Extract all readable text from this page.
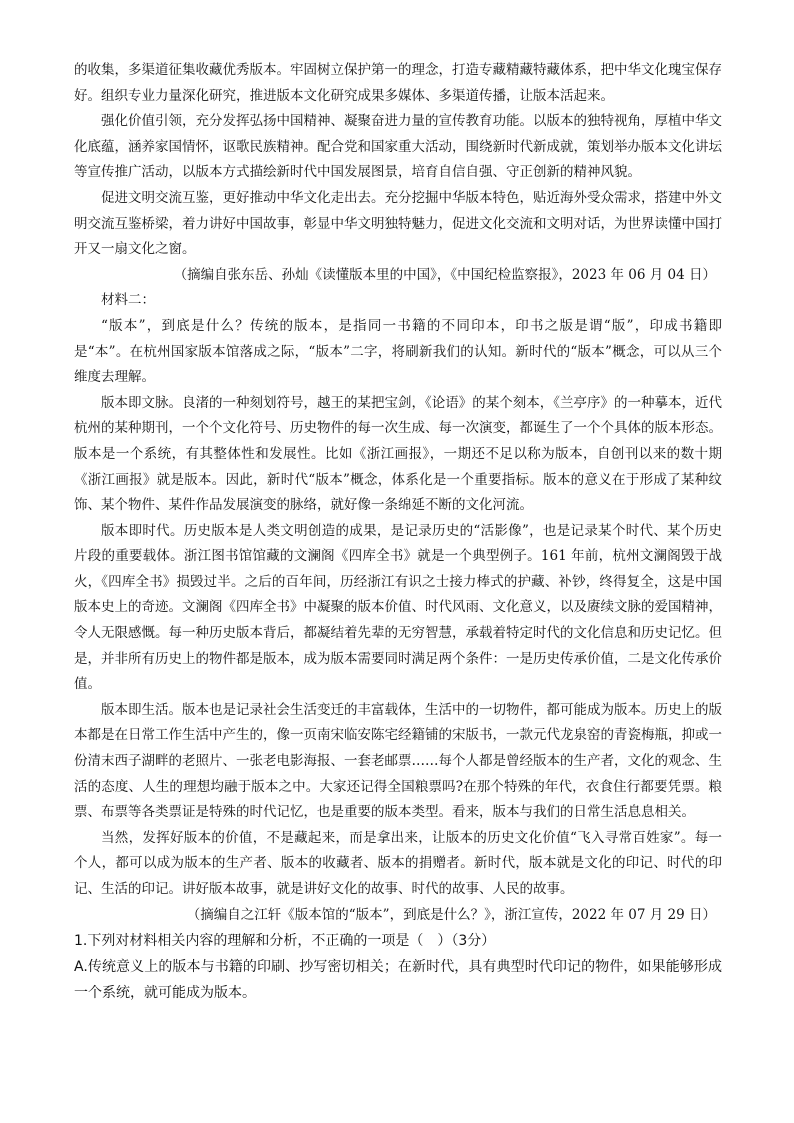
的收集，多渠道征集收藏优秀版本。牢固树立保护第一的理念，打造专藏精藏特藏体系，把中华文化瑰宝保存好。组织专业力量深化研究，推进版本文化研究成果多媒体、多渠道传播，让版本活起来。

强化价值引领，充分发挥弘扬中国精神、凝聚奋进力量的宣传教育功能。以版本的独特视角，厚植中华文化底蕴，涵养家国情怀，讴歌民族精神。配合党和国家重大活动，围绕新时代新成就，策划举办版本文化讲坛等宣传推广活动，以版本方式描绘新时代中国发展图景，培育自信自强、守正创新的精神风貌。

促进文明交流互鉴，更好推动中华文化走出去。充分挖掘中华版本特色，贴近海外受众需求，搭建中外文明交流互鉴桥梁，着力讲好中国故事，彰显中华文明独特魅力，促进文化交流和文明对话，为世界读懂中国打开又一扇文化之窗。

（摘编自张东岳、孙灿《读懂版本里的中国》，《中国纪检监察报》，2023 年 06 月 04 日）

材料二：

“版本”，到底是什么？传统的版本，是指同一书籍的不同印本，印书之版是谓“版”，印成书籍即是“本”。在杭州国家版本馆落成之际，“版本”二字，将刷新我们的认知。新时代的“版本”概念，可以从三个维度去理解。

版本即文脉。良渚的一种刻划符号，越王的某把宝剑，《论语》的某个刻本，《兰亭序》的一种摹本，近代杭州的某种期刊，一个个文化符号、历史物件的每一次生成、每一次演变，都诞生了一个个具体的版本形态。版本是一个系统，有其整体性和发展性。比如《浙江画报》，一期还不足以称为版本，自创刊以来的数十期《浙江画报》就是版本。因此，新时代“版本”概念，体系化是一个重要指标。版本的意义在于形成了某种纹饰、某个物件、某件作品发展演变的脉络，就好像一条绵延不断的文化河流。

版本即时代。历史版本是人类文明创造的成果，是记录历史的“活影像”，也是记录某个时代、某个历史片段的重要载体。浙江图书馆馆藏的文澜阁《四库全书》就是一个典型例子。161 年前，杭州文澜阁毁于战火，《四库全书》损毁过半。之后的百年间，历经浙江有识之士接力棒式的护藏、补钞，终得复全，这是中国版本史上的奇迹。文澜阁《四库全书》中凝聚的版本价值、时代风雨、文化意义，以及赓续文脉的爱国精神，令人无限感慨。每一种历史版本背后，都凝结着先辈的无穷智慧，承载着特定时代的文化信息和历史记忆。但是，并非所有历史上的物件都是版本，成为版本需要同时满足两个条件：一是历史传承价值，二是文化传承价值。

版本即生活。版本也是记录社会生活变迁的丰富载体，生活中的一切物件，都可能成为版本。历史上的版本都是在日常工作生活中产生的，像一页南宋临安陈宅经籍铺的宋版书，一款元代龙泉窑的青瓷梅瓶，抑或一份清末西子湖畔的老照片、一张老电影海报、一套老邮票……每个人都是曾经版本的生产者，文化的观念、生活的态度、人生的理想均融于版本之中。大家还记得全国粮票吗?在那个特殊的年代，衣食住行都要凭票。粮票、布票等各类票证是特殊的时代记忆，也是重要的版本类型。看来，版本与我们的日常生活息息相关。

当然，发挥好版本的价值，不是藏起来，而是拿出来，让版本的历史文化价值“飞入寻常百姓家”。每一个人，都可以成为版本的生产者、版本的收藏者、版本的捐赠者。新时代，版本就是文化的印记、时代的印记、生活的印记。讲好版本故事，就是讲好文化的故事、时代的故事、人民的故事。

（摘编自之江轩《版本馆的“版本”，到底是什么？》，浙江宣传，2022 年 07 月 29 日）

1.下列对材料相关内容的理解和分析，不正确的一项是（　）（3分）

A.传统意义上的版本与书籍的印刷、抄写密切相关；在新时代，具有典型时代印记的物件，如果能够形成一个系统，就可能成为版本。
